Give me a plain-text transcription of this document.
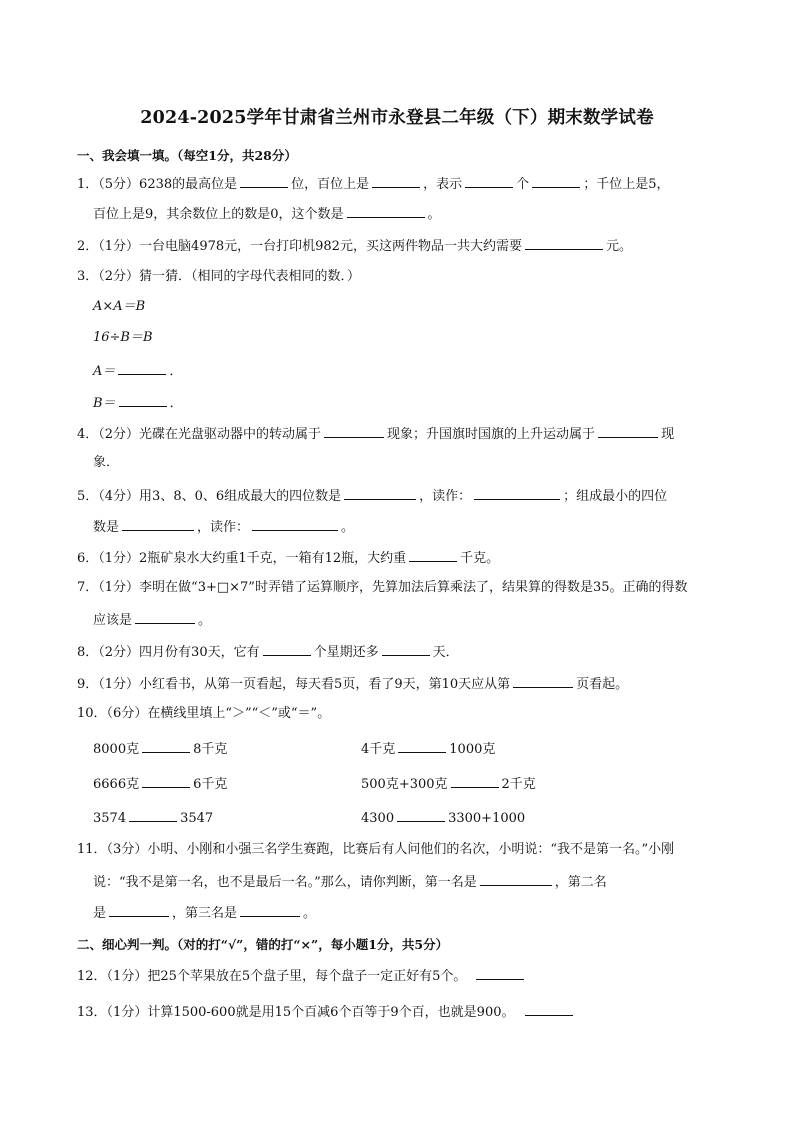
2024-2025学年甘肃省兰州市永登县二年级（下）期末数学试卷
一、我会填一填。（每空1分，共28分）
1．（5分）6238的最高位是	位，百位上是	，表示	个	；千位上是5，
百位上是9，其余数位上的数是0，这个数是	。
2．（1分）一台电脑4978元，一台打印机982元，买这两件物品一共大约需要	元。
3．（2分）猜一猜．（相同的字母代表相同的数．）
A×A＝B
16÷B＝B
A＝	．
B＝	．
4．（2分）光碟在光盘驱动器中的转动属于	现象；升国旗时国旗的上升运动属于	现
象．
5．（4分）用3、8、0、6组成最大的四位数是	，读作：	；组成最小的四位
数是	，读作：	。
6．（1分）2瓶矿泉水大约重1千克，一箱有12瓶，大约重	千克。
7．（1分）李明在做“3+□×7”时弄错了运算顺序，先算加法后算乘法了，结果算的得数是35。正确的得数
应该是	。
8．（2分）四月份有30天，它有	个星期还多	天．
9．（1分）小红看书，从第一页看起，每天看5页，看了9天，第10天应从第	页看起。
10．（6分）在横线里填上“＞”“＜”或“＝”。
8000克	8千克	4千克	1000克
6666克	6千克	500克+300克	2千克
3574	3547	4300	3300+1000
11．（3分）小明、小刚和小强三名学生赛跑，比赛后有人问他们的名次，小明说：“我不是第一名。”小刚
说：“我不是第一名，也不是最后一名。”那么，请你判断，第一名是	，第二名
是	，第三名是	。
二、细心判一判。（对的打“√”，错的打“×”，每小题1分，共5分）
12．（1分）把25个苹果放在5个盘子里，每个盘子一定正好有5个。
13．（1分）计算1500-600就是用15个百减6个百等于9个百，也就是900。
